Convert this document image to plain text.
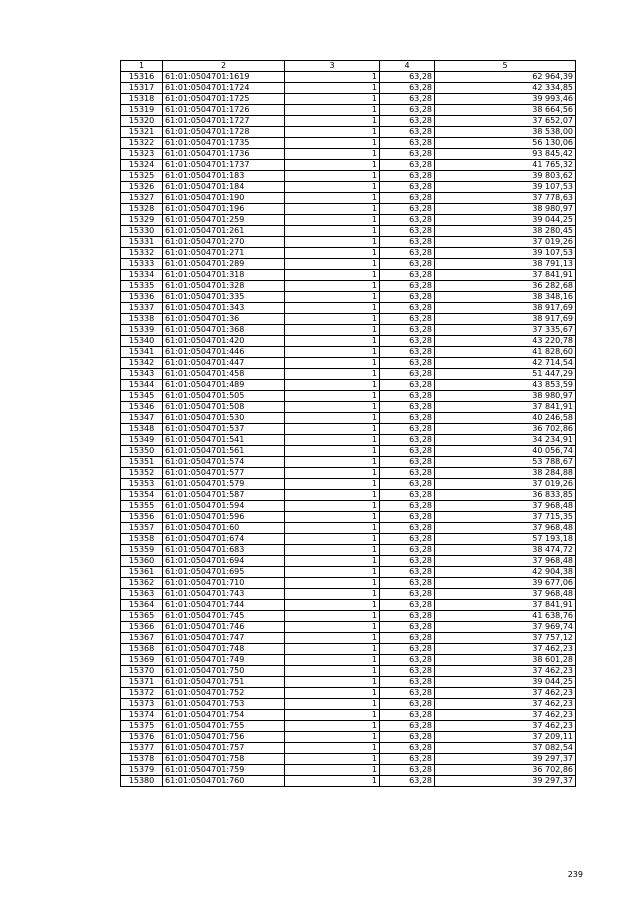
1	2	3	4	5
15316	61:01:0504701:1619	1	63,28	62 964,39
15317	61:01:0504701:1724	1	63,28	42 334,85
15318	61:01:0504701:1725	1	63,28	39 993,46
15319	61:01:0504701:1726	1	63,28	38 664,56
15320	61:01:0504701:1727	1	63,28	37 652,07
15321	61:01:0504701:1728	1	63,28	38 538,00
15322	61:01:0504701:1735	1	63,28	56 130,06
15323	61:01:0504701:1736	1	63,28	93 845,42
15324	61:01:0504701:1737	1	63,28	41 765,32
15325	61:01:0504701:183	1	63,28	39 803,62
15326	61:01:0504701:184	1	63,28	39 107,53
15327	61:01:0504701:190	1	63,28	37 778,63
15328	61:01:0504701:196	1	63,28	38 980,97
15329	61:01:0504701:259	1	63,28	39 044,25
15330	61:01:0504701:261	1	63,28	38 280,45
15331	61:01:0504701:270	1	63,28	37 019,26
15332	61:01:0504701:271	1	63,28	39 107,53
15333	61:01:0504701:289	1	63,28	38 791,13
15334	61:01:0504701:318	1	63,28	37 841,91
15335	61:01:0504701:328	1	63,28	36 282,68
15336	61:01:0504701:335	1	63,28	38 348,16
15337	61:01:0504701:343	1	63,28	38 917,69
15338	61:01:0504701:36	1	63,28	38 917,69
15339	61:01:0504701:368	1	63,28	37 335,67
15340	61:01:0504701:420	1	63,28	43 220,78
15341	61:01:0504701:446	1	63,28	41 828,60
15342	61:01:0504701:447	1	63,28	42 714,54
15343	61:01:0504701:458	1	63,28	51 447,29
15344	61:01:0504701:489	1	63,28	43 853,59
15345	61:01:0504701:505	1	63,28	38 980,97
15346	61:01:0504701:508	1	63,28	37 841,91
15347	61:01:0504701:530	1	63,28	40 246,58
15348	61:01:0504701:537	1	63,28	36 702,86
15349	61:01:0504701:541	1	63,28	34 234,91
15350	61:01:0504701:561	1	63,28	40 056,74
15351	61:01:0504701:574	1	63,28	53 788,67
15352	61:01:0504701:577	1	63,28	38 284,88
15353	61:01:0504701:579	1	63,28	37 019,26
15354	61:01:0504701:587	1	63,28	36 833,85
15355	61:01:0504701:594	1	63,28	37 968,48
15356	61:01:0504701:596	1	63,28	37 715,35
15357	61:01:0504701:60	1	63,28	37 968,48
15358	61:01:0504701:674	1	63,28	57 193,18
15359	61:01:0504701:683	1	63,28	38 474,72
15360	61:01:0504701:694	1	63,28	37 968,48
15361	61:01:0504701:695	1	63,28	42 904,38
15362	61:01:0504701:710	1	63,28	39 677,06
15363	61:01:0504701:743	1	63,28	37 968,48
15364	61:01:0504701:744	1	63,28	37 841,91
15365	61:01:0504701:745	1	63,28	41 638,76
15366	61:01:0504701:746	1	63,28	37 969,74
15367	61:01:0504701:747	1	63,28	37 757,12
15368	61:01:0504701:748	1	63,28	37 462,23
15369	61:01:0504701:749	1	63,28	38 601,28
15370	61:01:0504701:750	1	63,28	37 462,23
15371	61:01:0504701:751	1	63,28	39 044,25
15372	61:01:0504701:752	1	63,28	37 462,23
15373	61:01:0504701:753	1	63,28	37 462,23
15374	61:01:0504701:754	1	63,28	37 462,23
15375	61:01:0504701:755	1	63,28	37 462,23
15376	61:01:0504701:756	1	63,28	37 209,11
15377	61:01:0504701:757	1	63,28	37 082,54
15378	61:01:0504701:758	1	63,28	39 297,37
15379	61:01:0504701:759	1	63,28	36 702,86
15380	61:01:0504701:760	1	63,28	39 297,37
239
